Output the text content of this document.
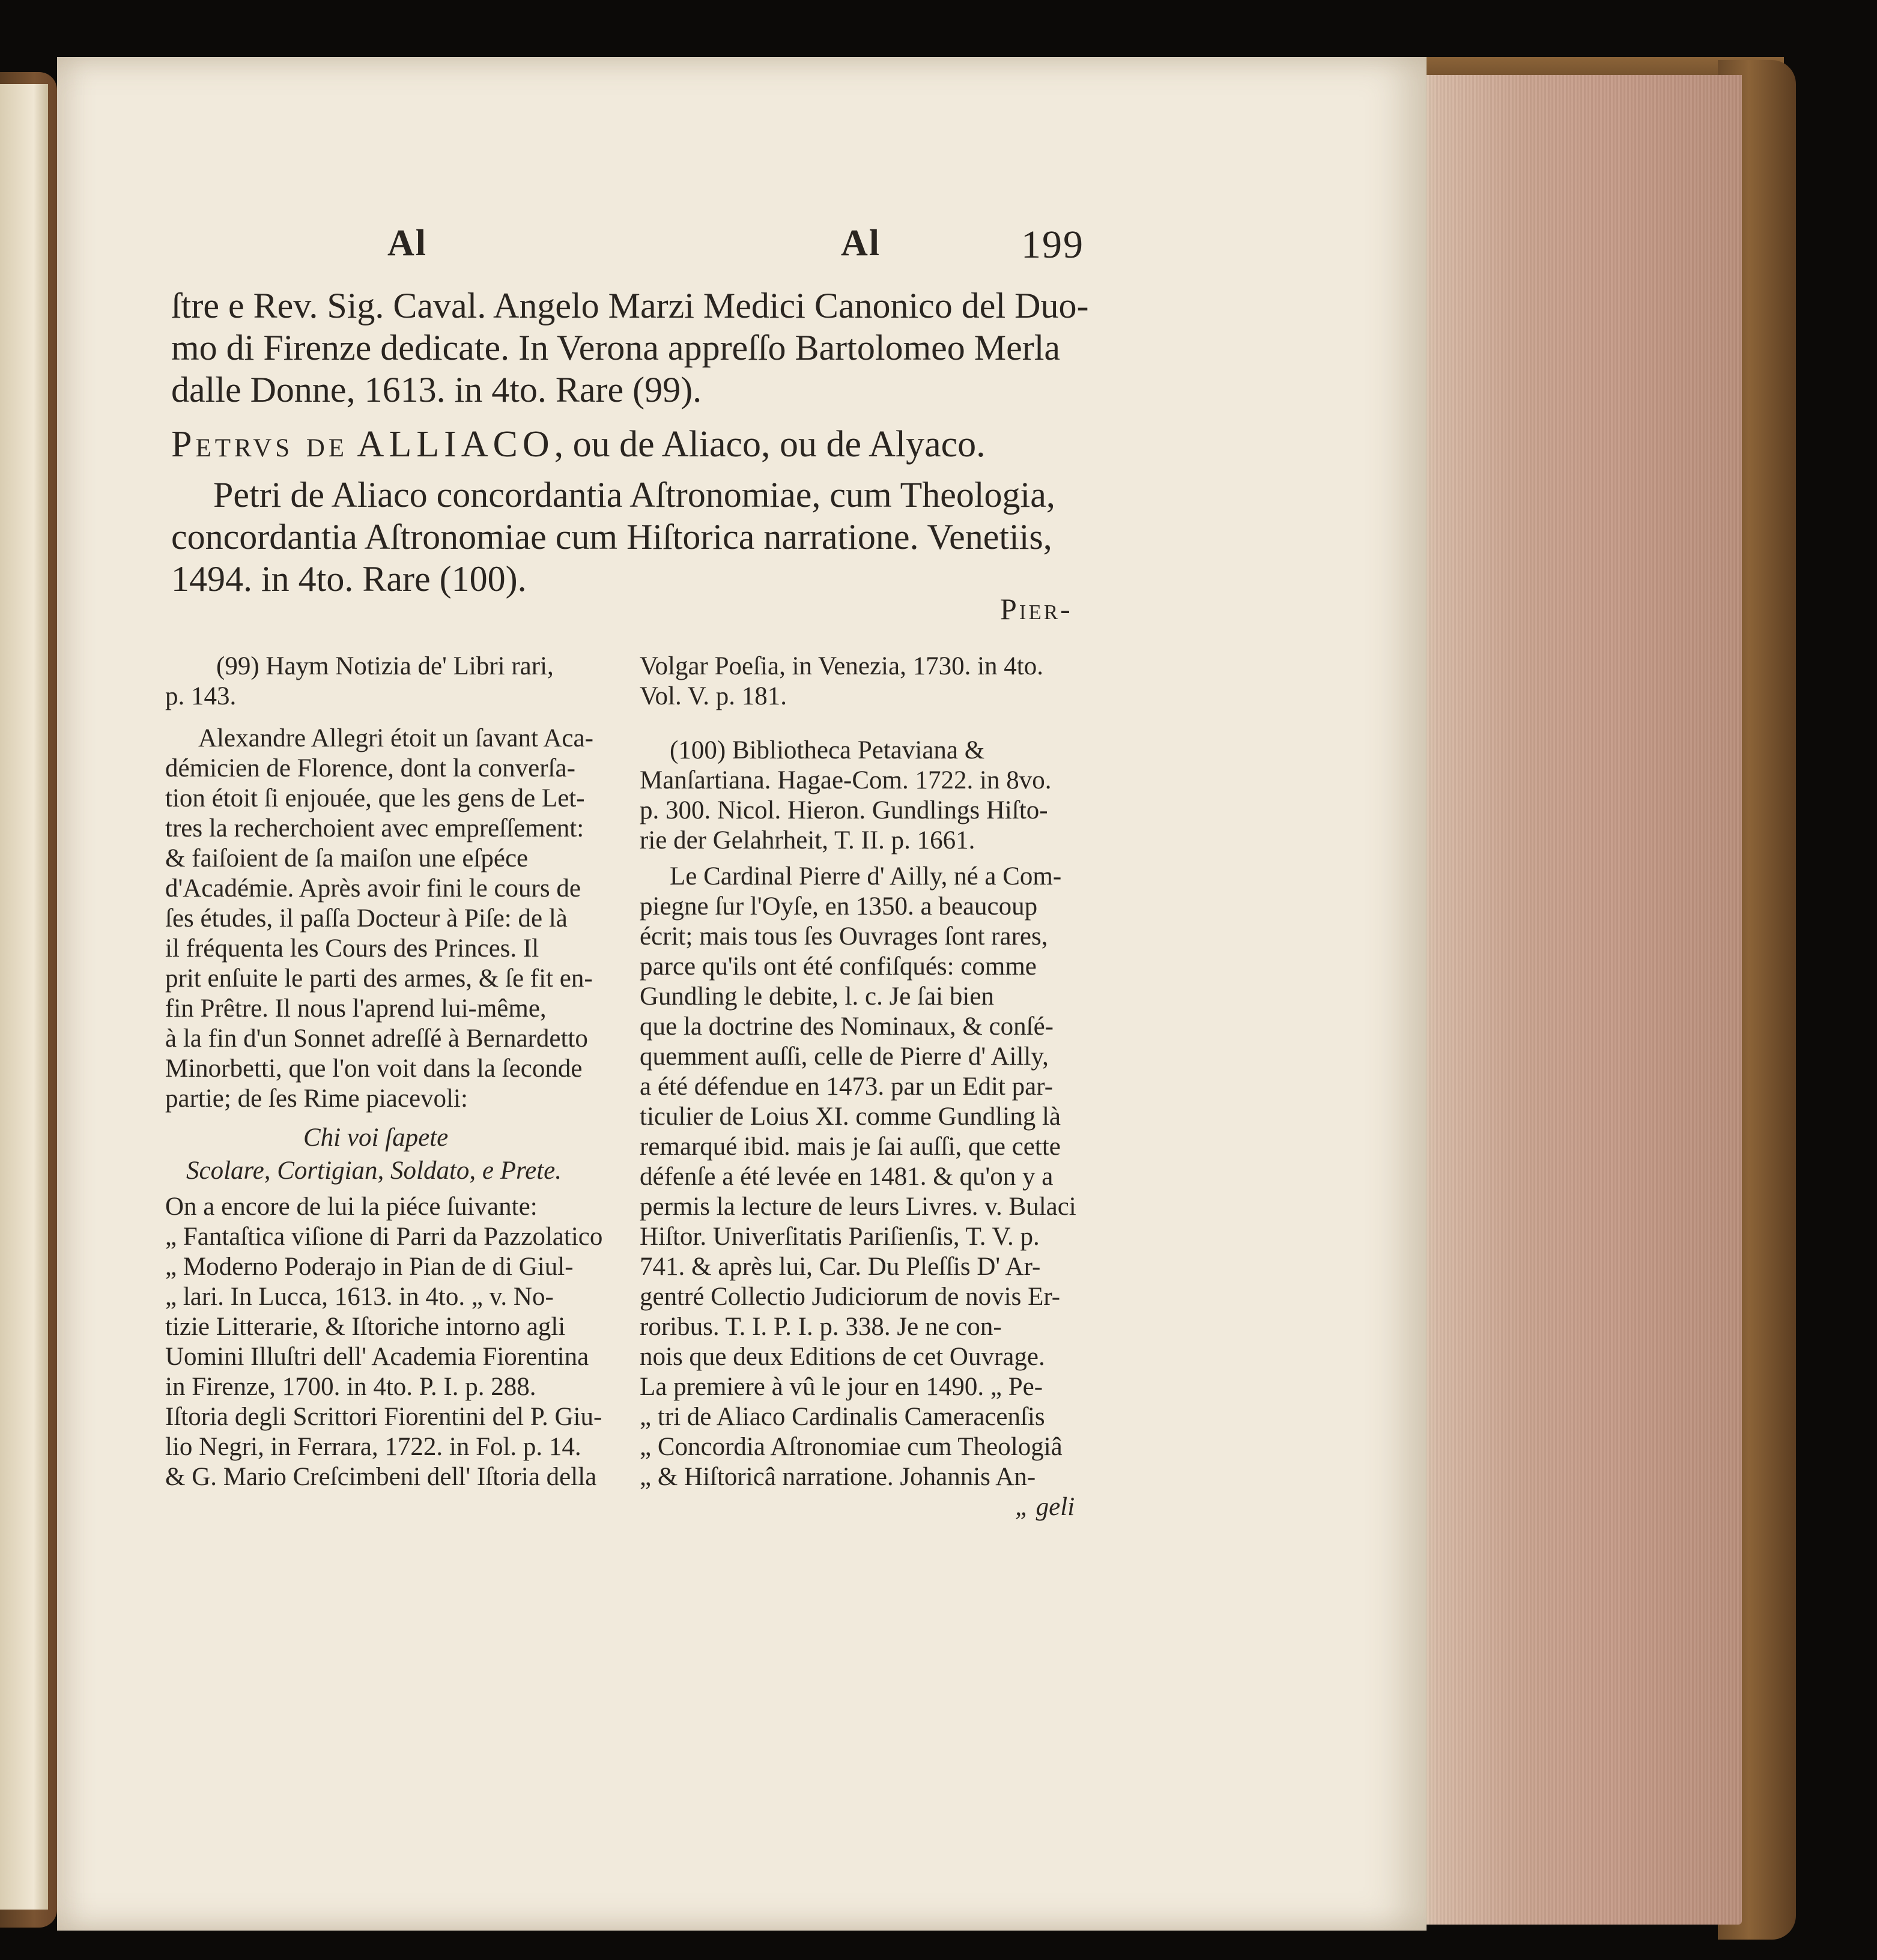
Al	Al	199
ſtre e Rev. Sig. Caval. Angelo Marzi Medici Canonico del Duo-
mo di Firenze dedicate. In Verona appreſſo Bartolomeo Merla
dalle Donne, 1613. in 4to. Rare (99).
Petrvs de ALLIACO, ou de Aliaco, ou de Alyaco.
Petri de Aliaco concordantia Aſtronomiae, cum Theologia,
concordantia Aſtronomiae cum Hiſtorica narratione. Venetiis,
1494. in 4to. Rare (100).
Pier-
(99) Haym Notizia de' Libri rari,
p. 143.
Alexandre Allegri étoit un ſavant Aca-
démicien de Florence, dont la converſa-
tion étoit ſi enjouée, que les gens de Let-
tres la recherchoient avec empreſſement:
& faiſoient de ſa maiſon une eſpéce
d'Académie. Après avoir fini le cours de
ſes études, il paſſa Docteur à Piſe: de là
il fréquenta les Cours des Princes. Il
prit enſuite le parti des armes, & ſe fit en-
fin Prêtre. Il nous l'aprend lui-même,
à la fin d'un Sonnet adreſſé à Bernardetto
Minorbetti, que l'on voit dans la ſeconde
partie; de ſes Rime piacevoli:
Chi voi ſapete
Scolare, Cortigian, Soldato, e Prete.
On a encore de lui la piéce ſuivante:
„ Fantaſtica viſione di Parri da Pazzolatico
„ Moderno Poderajo in Pian de di Giul-
„ lari. In Lucca, 1613. in 4to. „ v. No-
tizie Litterarie, & Iſtoriche intorno agli
Uomini Illuſtri dell' Academia Fiorentina
in Firenze, 1700. in 4to. P. I. p. 288.
Iſtoria degli Scrittori Fiorentini del P. Giu-
lio Negri, in Ferrara, 1722. in Fol. p. 14.
& G. Mario Creſcimbeni dell' Iſtoria della
Volgar Poeſia, in Venezia, 1730. in 4to.
Vol. V. p. 181.
(100) Bibliotheca Petaviana &
Manſartiana. Hagae-Com. 1722. in 8vo.
p. 300. Nicol. Hieron. Gundlings Hiſto-
rie der Gelahrheit, T. II. p. 1661.
Le Cardinal Pierre d' Ailly, né a Com-
piegne ſur l'Oyſe, en 1350. a beaucoup
écrit; mais tous ſes Ouvrages ſont rares,
parce qu'ils ont été confiſqués: comme
Gundling le debite, l. c. Je ſai bien
que la doctrine des Nominaux, & conſé-
quemment auſſi, celle de Pierre d' Ailly,
a été défendue en 1473. par un Edit par-
ticulier de Loius XI. comme Gundling là
remarqué ibid. mais je ſai auſſi, que cette
défenſe a été levée en 1481. & qu'on y a
permis la lecture de leurs Livres. v. Bulaci
Hiſtor. Univerſitatis Pariſienſis, T. V. p.
741. & après lui, Car. Du Pleſſis D' Ar-
gentré Collectio Judiciorum de novis Er-
roribus. T. I. P. I. p. 338. Je ne con-
nois que deux Editions de cet Ouvrage.
La premiere à vû le jour en 1490. „ Pe-
„ tri de Aliaco Cardinalis Cameracenſis
„ Concordia Aſtronomiae cum Theologiâ
„ & Hiſtoricâ narratione. Johannis An-
„ geli
